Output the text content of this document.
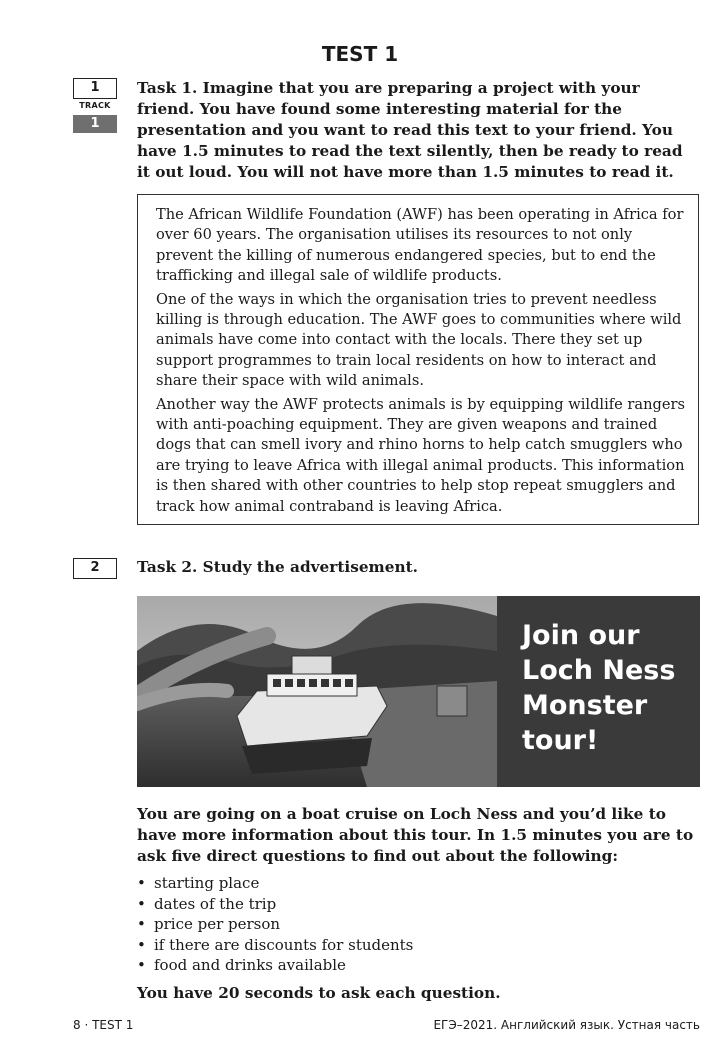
TEST 1
1
TRACK
1

Task 1. Imagine that you are preparing a project with your friend. You have found some interesting material for the presentation and you want to read this text to your friend. You have 1.5 minutes to read the text silently, then be ready to read it out loud. You will not have more than 1.5 minutes to read it.

The African Wildlife Foundation (AWF) has been operating in Africa for over 60 years. The organisation utilises its resources to not only prevent the killing of numerous endangered species, but to end the trafficking and illegal sale of wildlife products.

One of the ways in which the organisation tries to prevent needless killing is through education. The AWF goes to communities where wild animals have come into contact with the locals. There they set up support programmes to train local residents on how to interact and share their space with wild animals.

Another way the AWF protects animals is by equipping wildlife rangers with anti-poaching equipment. They are given weapons and trained dogs that can smell ivory and rhino horns to help catch smugglers who are trying to leave Africa with illegal animal products. This information is then shared with other countries to help stop repeat smugglers and track how animal contraband is leaving Africa.

2	Task 2. Study the advertisement.

Join our
Loch Ness
Monster
tour!

You are going on a boat cruise on Loch Ness and you’d like to have more information about this tour. In 1.5 minutes you are to ask five direct questions to find out about the following:

• starting place
• dates of the trip
• price per person
• if there are discounts for students
• food and drinks available

You have 20 seconds to ask each question.

8 · TEST 1	ЕГЭ–2021. Английский язык. Устная часть
